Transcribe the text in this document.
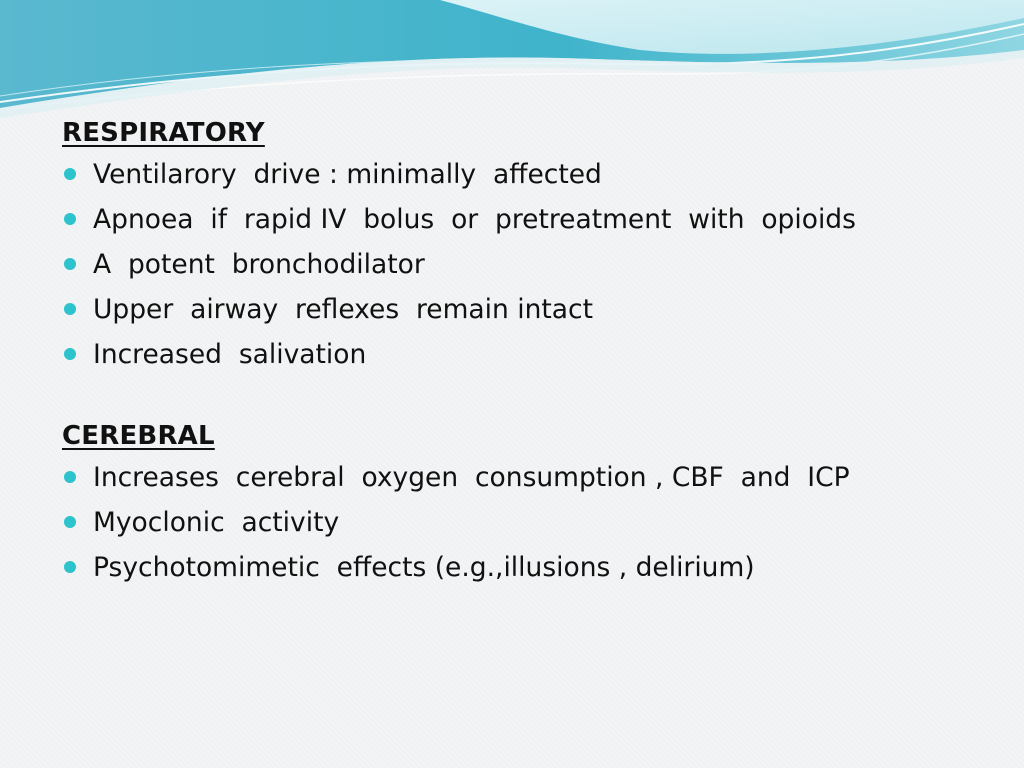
RESPIRATORY
Ventilarory  drive : minimally  affected
Apnoea  if  rapid IV  bolus  or  pretreatment  with  opioids
A  potent  bronchodilator
Upper  airway  reflexes  remain intact
Increased  salivation
CEREBRAL
Increases  cerebral  oxygen  consumption , CBF  and  ICP
Myoclonic  activity
Psychotomimetic  effects (e.g.,illusions , delirium)
